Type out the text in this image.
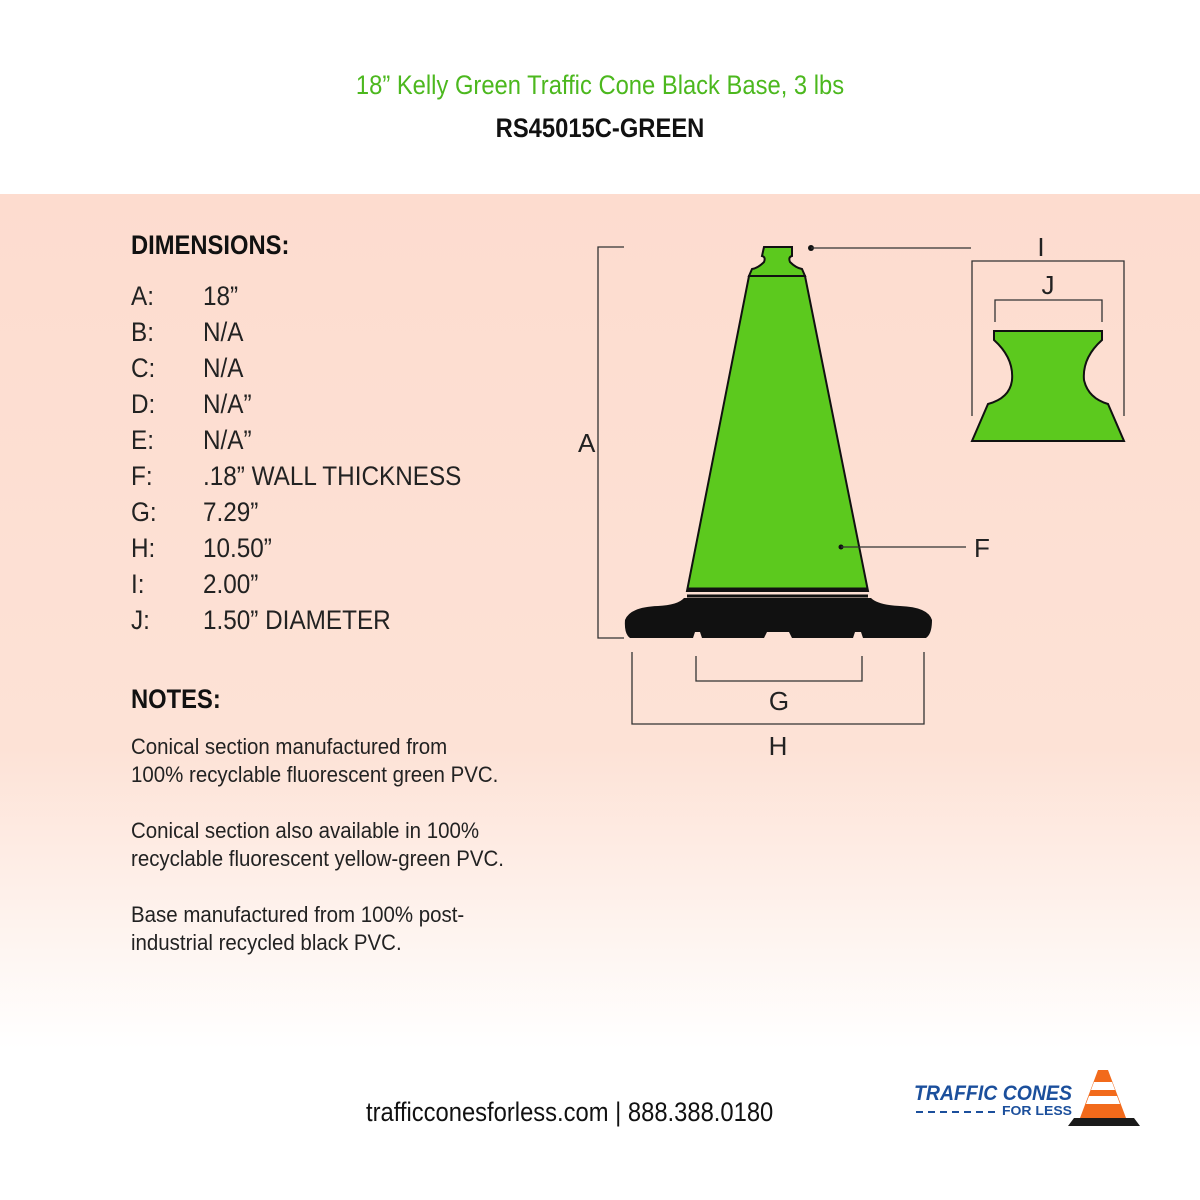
18” Kelly Green Traffic Cone Black Base, 3 lbs
RS45015C-GREEN
DIMENSIONS:
A:	18”
B:	N/A
C:	N/A
D:	N/A”
E:	N/A”
F:	.18” WALL THICKNESS
G:	7.29”
H:	10.50”
I:	2.00”
J:	1.50” DIAMETER
NOTES:

Conical section manufactured from
100% recyclable fluorescent green PVC.

Conical section also available in 100%
recyclable fluorescent yellow-green PVC.

Base manufactured from 100% post-
industrial recycled black PVC.

A
I
F
J
G
H
trafficconesforless.com | 888.388.0180
TRAFFIC CONES
FOR LESS
